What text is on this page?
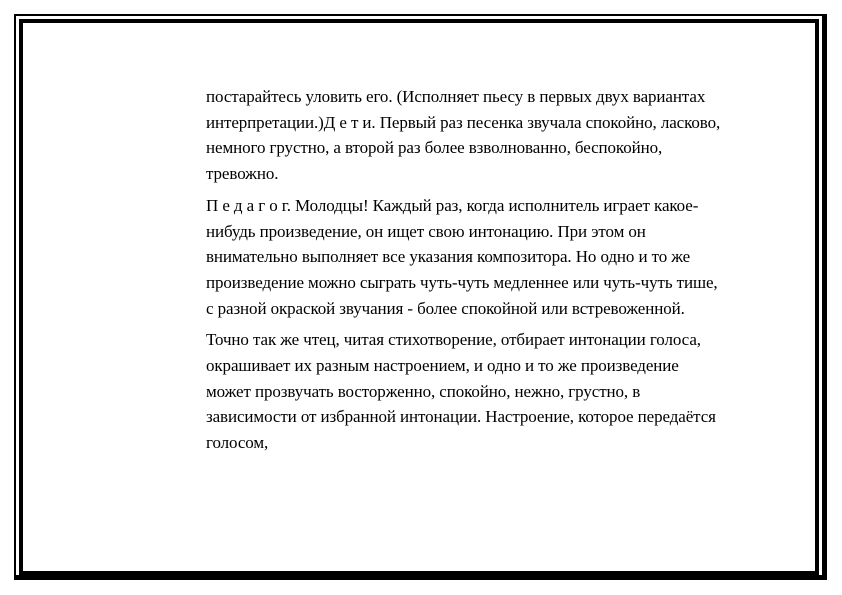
постарайтесь уловить его. (Исполняет пьесу в первых двух вариантах интерпретации.)Д е т и. Первый раз песенка звучала спокойно, ласково, немного грустно, а второй раз более взволнованно, беспокойно, тревожно.

П е д а г о г. Молодцы! Каждый раз, когда исполнитель играет какое-нибудь произведение, он ищет свою интонацию. При этом он внимательно выполняет все указания композитора. Но одно и то же произведение можно сыграть чуть-чуть медленнее или чуть-чуть тише, с разной окраской звучания - более спокойной или встревоженной.

Точно так же чтец, читая стихотворение, отбирает интонации голоса, окрашивает их разным настроением, и одно и то же произведение может прозвучать восторженно, спокойно, нежно, грустно, в зависимости от избранной интонации. Настроение, которое передаётся голосом,
